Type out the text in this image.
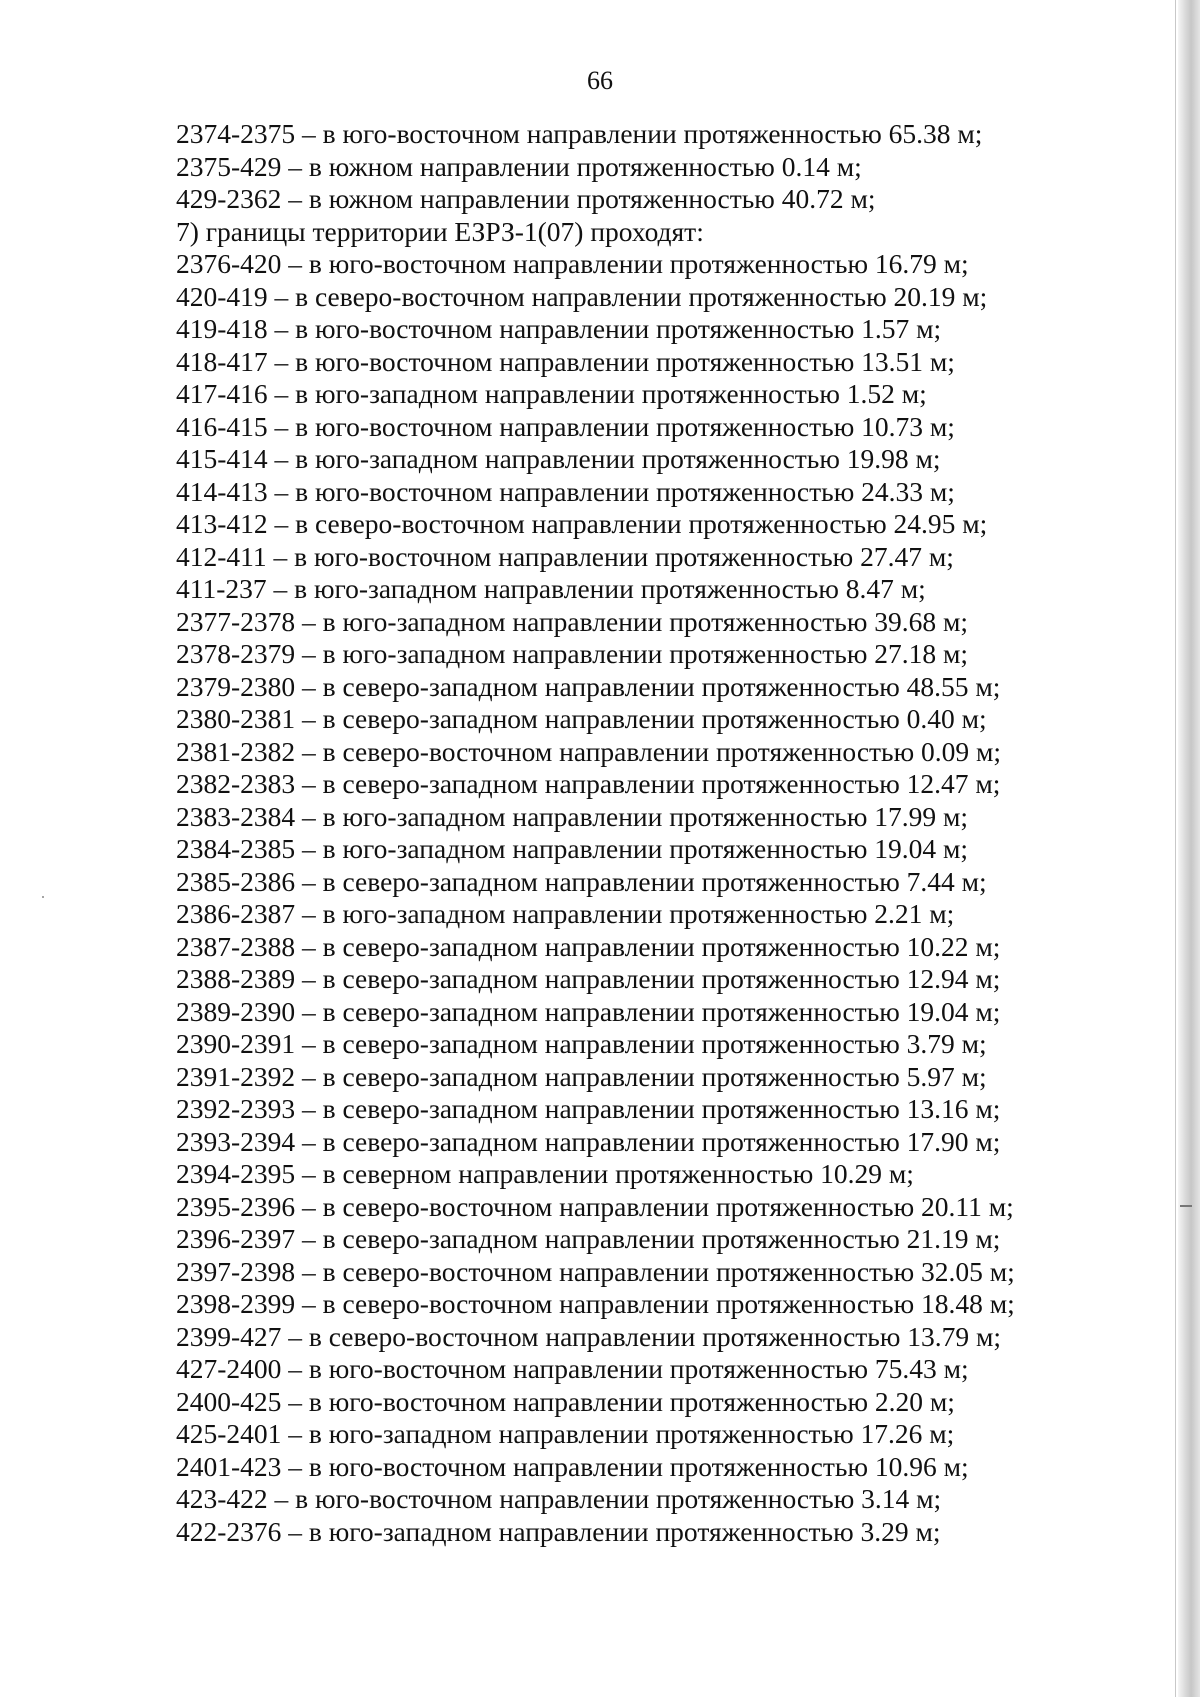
66
2374-2375 – в юго-восточном направлении протяженностью 65.38 м;
2375-429 – в южном направлении протяженностью 0.14 м;
429-2362 – в южном направлении протяженностью 40.72 м;
7) границы территории ЕЗРЗ-1(07) проходят:
2376-420 – в юго-восточном направлении протяженностью 16.79 м;
420-419 – в северо-восточном направлении протяженностью 20.19 м;
419-418 – в юго-восточном направлении протяженностью 1.57 м;
418-417 – в юго-восточном направлении протяженностью 13.51 м;
417-416 – в юго-западном направлении протяженностью 1.52 м;
416-415 – в юго-восточном направлении протяженностью 10.73 м;
415-414 – в юго-западном направлении протяженностью 19.98 м;
414-413 – в юго-восточном направлении протяженностью 24.33 м;
413-412 – в северо-восточном направлении протяженностью 24.95 м;
412-411 – в юго-восточном направлении протяженностью 27.47 м;
411-237 – в юго-западном направлении протяженностью 8.47 м;
2377-2378 – в юго-западном направлении протяженностью 39.68 м;
2378-2379 – в юго-западном направлении протяженностью 27.18 м;
2379-2380 – в северо-западном направлении протяженностью 48.55 м;
2380-2381 – в северо-западном направлении протяженностью 0.40 м;
2381-2382 – в северо-восточном направлении протяженностью 0.09 м;
2382-2383 – в северо-западном направлении протяженностью 12.47 м;
2383-2384 – в юго-западном направлении протяженностью 17.99 м;
2384-2385 – в юго-западном направлении протяженностью 19.04 м;
2385-2386 – в северо-западном направлении протяженностью 7.44 м;
2386-2387 – в юго-западном направлении протяженностью 2.21 м;
2387-2388 – в северо-западном направлении протяженностью 10.22 м;
2388-2389 – в северо-западном направлении протяженностью 12.94 м;
2389-2390 – в северо-западном направлении протяженностью 19.04 м;
2390-2391 – в северо-западном направлении протяженностью 3.79 м;
2391-2392 – в северо-западном направлении протяженностью 5.97 м;
2392-2393 – в северо-западном направлении протяженностью 13.16 м;
2393-2394 – в северо-западном направлении протяженностью 17.90 м;
2394-2395 – в северном направлении протяженностью 10.29 м;
2395-2396 – в северо-восточном направлении протяженностью 20.11 м;
2396-2397 – в северо-западном направлении протяженностью 21.19 м;
2397-2398 – в северо-восточном направлении протяженностью 32.05 м;
2398-2399 – в северо-восточном направлении протяженностью 18.48 м;
2399-427 – в северо-восточном направлении протяженностью 13.79 м;
427-2400 – в юго-восточном направлении протяженностью 75.43 м;
2400-425 – в юго-восточном направлении протяженностью 2.20 м;
425-2401 – в юго-западном направлении протяженностью 17.26 м;
2401-423 – в юго-восточном направлении протяженностью 10.96 м;
423-422 – в юго-восточном направлении протяженностью 3.14 м;
422-2376 – в юго-западном направлении протяженностью 3.29 м;
